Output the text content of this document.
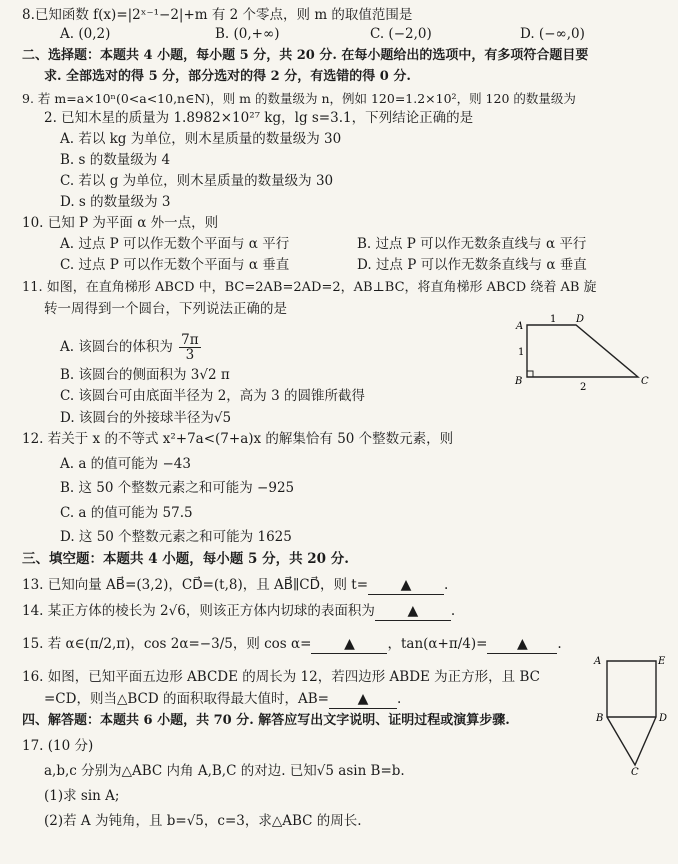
8.已知函数 f(x)=|2ˣ⁻¹−2|+m 有 2 个零点，则 m 的取值范围是
A. (0,2)	B. (0,+∞)	C. (−2,0)	D. (−∞,0)
二、选择题：本题共 4 小题，每小题 5 分，共 20 分. 在每小题给出的选项中，有多项符合题目要
求. 全部选对的得 5 分，部分选对的得 2 分，有选错的得 0 分.
9. 若 m=a×10ⁿ(0<a<10,n∈N)，则 m 的数量级为 n，例如 120=1.2×10²，则 120 的数量级为
2. 已知木星的质量为 1.8982×10²⁷ kg，lg s=3.1，下列结论正确的是
A. 若以 kg 为单位，则木星质量的数量级为 30
B. s 的数量级为 4
C. 若以 g 为单位，则木星质量的数量级为 30
D. s 的数量级为 3
10. 已知 P 为平面 α 外一点，则
A. 过点 P 可以作无数个平面与 α 平行	B. 过点 P 可以作无数条直线与 α 平行
C. 过点 P 可以作无数个平面与 α 垂直	D. 过点 P 可以作无数条直线与 α 垂直
11. 如图，在直角梯形 ABCD 中，BC=2AB=2AD=2，AB⊥BC，将直角梯形 ABCD 绕着 AB 旋
转一周得到一个圆台，下列说法正确的是
A. 该圆台的体积为 $\frac{7\pi}{3}$
B. 该圆台的侧面积为 3√2 π
C. 该圆台可由底面半径为 2，高为 3 的圆锥所截得
D. 该圆台的外接球半径为√5
A
D
B	C
1
1
2
12. 若关于 x 的不等式 x²+7a<(7+a)x 的解集恰有 50 个整数元素，则
A. a 的值可能为 −43
B. 这 50 个整数元素之和可能为 −925
C. a 的值可能为 57.5
D. 这 50 个整数元素之和可能为 1625
三、填空题：本题共 4 小题，每小题 5 分，共 20 分.
13. 已知向量 AB⃗=(3,2)，CD⃗=(t,8)，且 AB⃗∥CD⃗，则 t= ▲ .
14. 某正方体的棱长为 2√6，则该正方体内切球的表面积为 ▲ .
15. 若 α∈(π/2,π)，cos 2α=−3/5，则 cos α= ▲ ，tan(α+π/4)= ▲ .
16. 如图，已知平面五边形 ABCDE 的周长为 12，若四边形 ABDE 为正方形，且 BC
=CD，则当△BCD 的面积取得最大值时，AB= ▲ .
A	E
B	D
C
四、解答题：本题共 6 小题，共 70 分. 解答应写出文字说明、证明过程或演算步骤.
17. (10 分)
a,b,c 分别为△ABC 内角 A,B,C 的对边. 已知√5 asin B=b.
(1)求 sin A;
(2)若 A 为钝角，且 b=√5，c=3，求△ABC 的周长.
